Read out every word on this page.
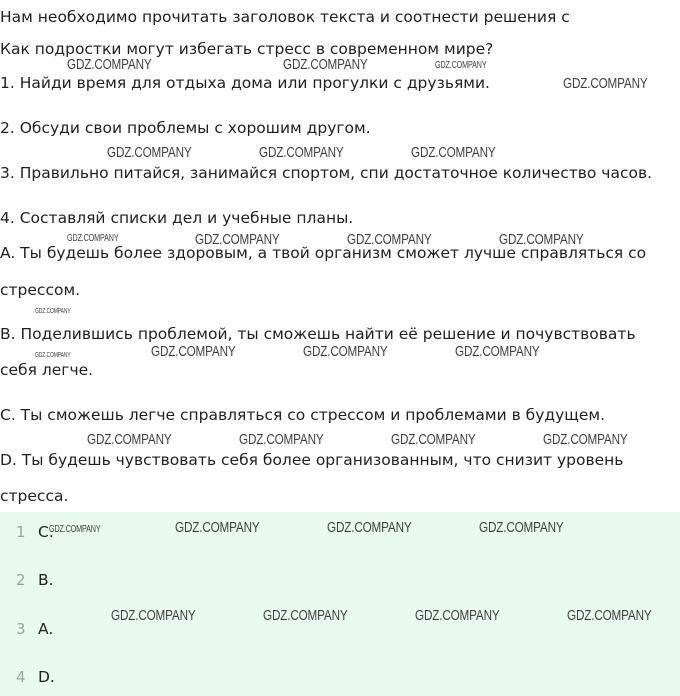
Нам необходимо прочитать заголовок текста и соотнести решения с
Как подростки могут избегать стресс в современном мире?
1. Найди время для отдыха дома или прогулки с друзьями.
2. Обсуди свои проблемы с хорошим другом.
3. Правильно питайся, занимайся спортом, спи достаточное количество часов.
4. Составляй списки дел и учебные планы.
A. Ты будешь более здоровым, а твой организм сможет лучше справляться со
стрессом.
B. Поделившись проблемой, ты сможешь найти её решение и почувствовать
себя легче.
C. Ты сможешь легче справляться со стрессом и проблемами в будущем.
D. Ты будешь чувствовать себя более организованным, что снизит уровень
стресса.
1 C.
2 B.
3 A.
4 D.
GDZ.COMPANY	GDZ.COMPANY	GDZ.COMPANY
GDZ.COMPANY
GDZ.COMPANY	GDZ.COMPANY	GDZ.COMPANY
GDZ.COMPANY	GDZ.COMPANY	GDZ.COMPANY	GDZ.COMPANY
GDZ.COMPANY
GDZ.COMPANY	GDZ.COMPANY	GDZ.COMPANY	GDZ.COMPANY
GDZ.COMPANY	GDZ.COMPANY	GDZ.COMPANY	GDZ.COMPANY
GDZ.COMPANY	GDZ.COMPANY	GDZ.COMPANY	GDZ.COMPANY
GDZ.COMPANY	GDZ.COMPANY	GDZ.COMPANY	GDZ.COMPANY
